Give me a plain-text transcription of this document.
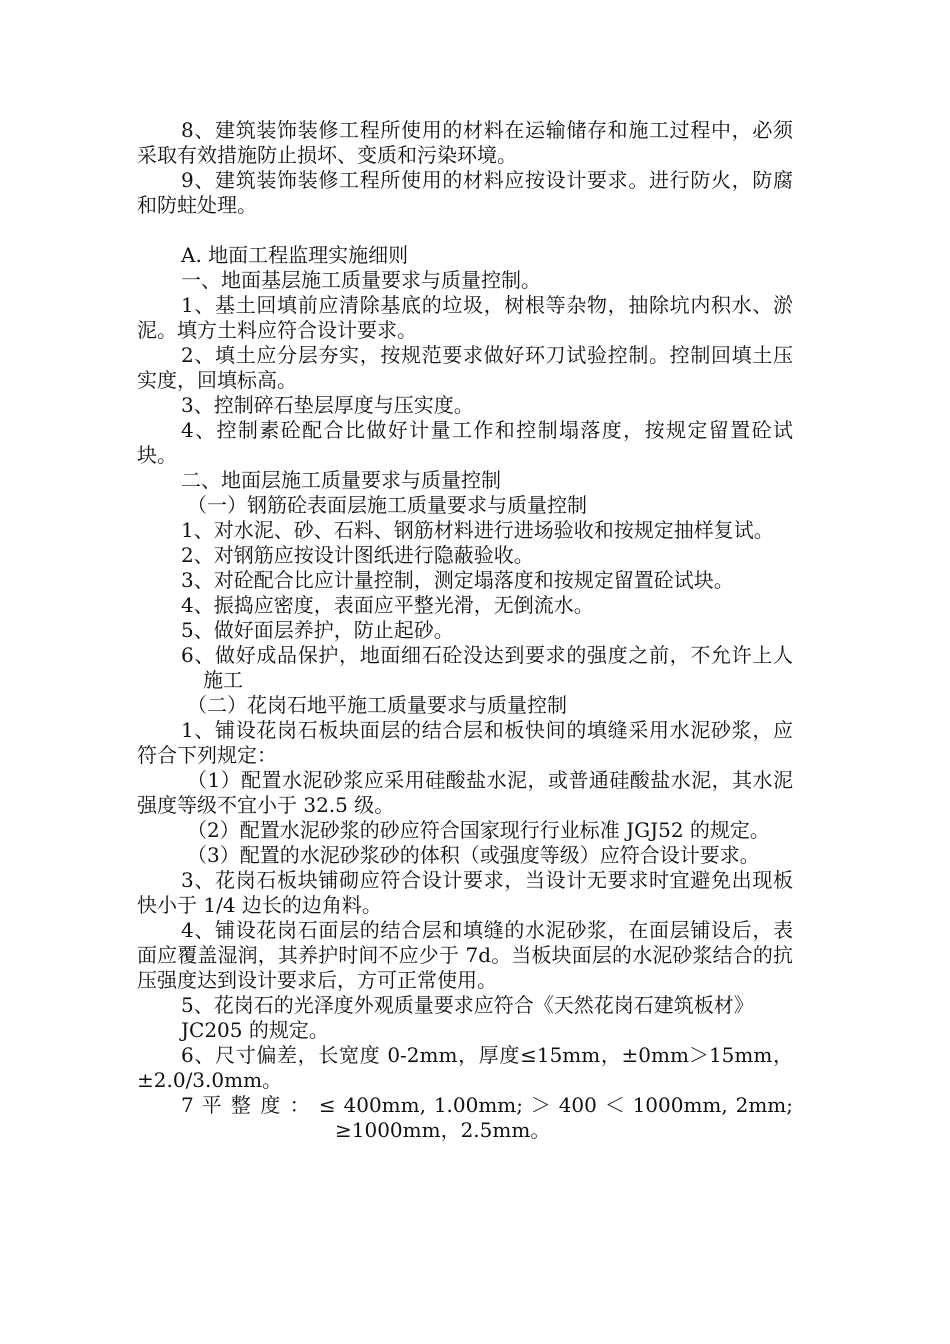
8、建筑装饰装修工程所使用的材料在运输储存和施工过程中，必须采取有效措施防止损坏、变质和污染环境。

9、建筑装饰装修工程所使用的材料应按设计要求。进行防火，防腐和防蛀处理。

A. 地面工程监理实施细则

一、地面基层施工质量要求与质量控制。

1、基土回填前应清除基底的垃圾，树根等杂物，抽除坑内积水、淤泥。填方土料应符合设计要求。

2、填土应分层夯实，按规范要求做好环刀试验控制。控制回填土压实度，回填标高。

3、控制碎石垫层厚度与压实度。

4、控制素砼配合比做好计量工作和控制塌落度，按规定留置砼试块。

二、地面层施工质量要求与质量控制

（一）钢筋砼表面层施工质量要求与质量控制

1、对水泥、砂、石料、钢筋材料进行进场验收和按规定抽样复试。

2、对钢筋应按设计图纸进行隐蔽验收。

3、对砼配合比应计量控制，测定塌落度和按规定留置砼试块。

4、振捣应密度，表面应平整光滑，无倒流水。

5、做好面层养护，防止起砂。

6、做好成品保护，地面细石砼没达到要求的强度之前，不允许上人施工

（二）花岗石地平施工质量要求与质量控制

1、铺设花岗石板块面层的结合层和板快间的填缝采用水泥砂浆，应符合下列规定：

（1）配置水泥砂浆应采用硅酸盐水泥，或普通硅酸盐水泥，其水泥强度等级不宜小于 32.5 级。

（2）配置水泥砂浆的砂应符合国家现行行业标准 JGJ52 的规定。

（3）配置的水泥砂浆砂的体积（或强度等级）应符合设计要求。

3、花岗石板块铺砌应符合设计要求，当设计无要求时宜避免出现板快小于 1/4 边长的边角料。

4、铺设花岗石面层的结合层和填缝的水泥砂浆，在面层铺设后，表面应覆盖湿润，其养护时间不应少于 7d。当板块面层的水泥砂浆结合的抗压强度达到设计要求后，方可正常使用。

5、花岗石的光泽度外观质量要求应符合《天然花岗石建筑板材》

JC205 的规定。

6、尺寸偏差，长宽度 0-2mm，厚度≤15mm，±0mm＞15mm，±2.0/3.0mm。

7 平 整 度 ： ≤ 400mm, 1.00mm; ＞ 400 ＜ 1000mm, 2mm;

≥1000mm，2.5mm。
